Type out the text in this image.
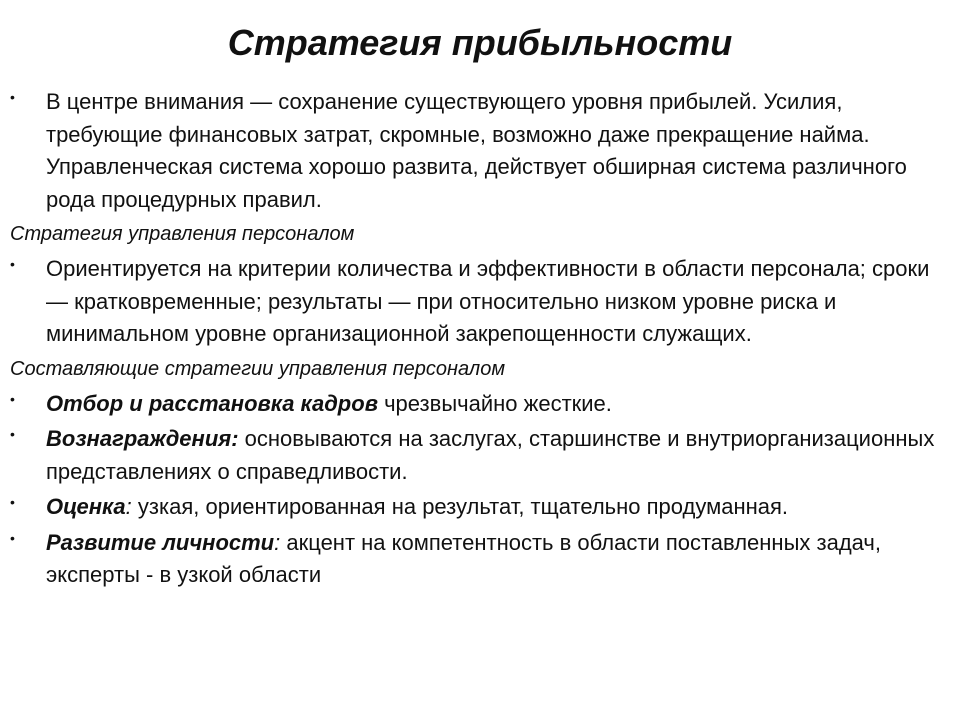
Стратегия прибыльности
• В центре внимания — сохранение существующего уровня прибылей. Усилия, требующие финансовых затрат, скромные, возможно даже прекращение найма. Управленческая система хорошо развита, действует обширная система различного рода процедурных правил.
Стратегия управления персоналом
• Ориентируется на критерии количества и эффективности в области персонала; сроки — кратковременные; результаты — при относительно низком уровне риска и минимальном уровне организационной закрепощенности служащих.
Составляющие стратегии управления персоналом
• Отбор и расстановка кадров чрезвычайно жесткие.
• Вознаграждения: основываются на заслугах, старшинстве и внутриорганизационных представлениях о справедливости.
• Оценка: узкая, ориентированная на результат, тщательно продуманная.
• Развитие личности: акцент на компетентность в области поставленных задач, эксперты - в узкой области
